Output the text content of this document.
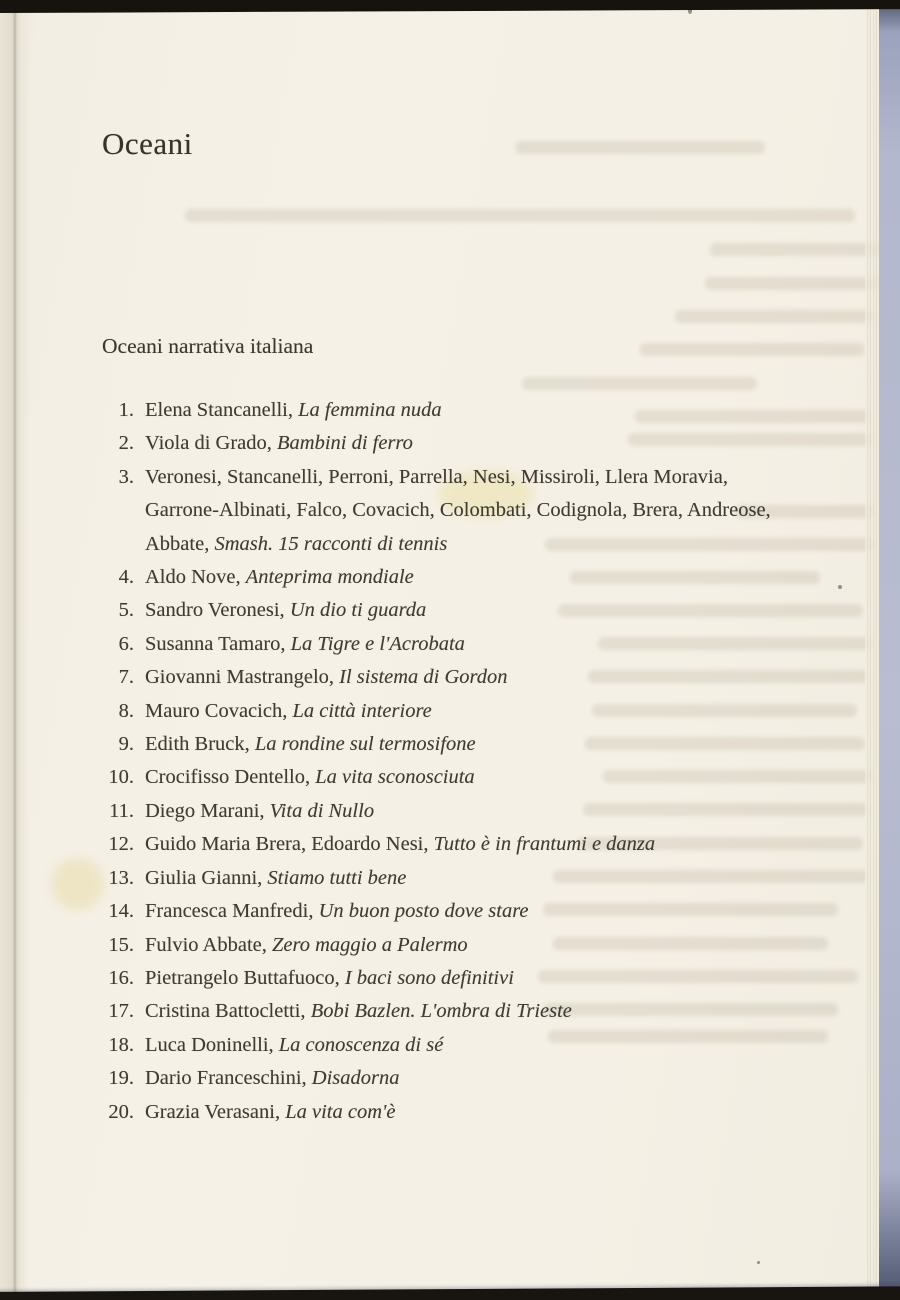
Oceani
Oceani narrativa italiana
1. Elena Stancanelli, La femmina nuda
2. Viola di Grado, Bambini di ferro
3. Veronesi, Stancanelli, Perroni, Parrella, Nesi, Missiroli, Llera Moravia, Garrone-Albinati, Falco, Covacich, Colombati, Codignola, Brera, Andreose, Abbate, Smash. 15 racconti di tennis
4. Aldo Nove, Anteprima mondiale
5. Sandro Veronesi, Un dio ti guarda
6. Susanna Tamaro, La Tigre e l'Acrobata
7. Giovanni Mastrangelo, Il sistema di Gordon
8. Mauro Covacich, La città interiore
9. Edith Bruck, La rondine sul termosifone
10. Crocifisso Dentello, La vita sconosciuta
11. Diego Marani, Vita di Nullo
12. Guido Maria Brera, Edoardo Nesi, Tutto è in frantumi e danza
13. Giulia Gianni, Stiamo tutti bene
14. Francesca Manfredi, Un buon posto dove stare
15. Fulvio Abbate, Zero maggio a Palermo
16. Pietrangelo Buttafuoco, I baci sono definitivi
17. Cristina Battocletti, Bobi Bazlen. L'ombra di Trieste
18. Luca Doninelli, La conoscenza di sé
19. Dario Franceschini, Disadorna
20. Grazia Verasani, La vita com'è
